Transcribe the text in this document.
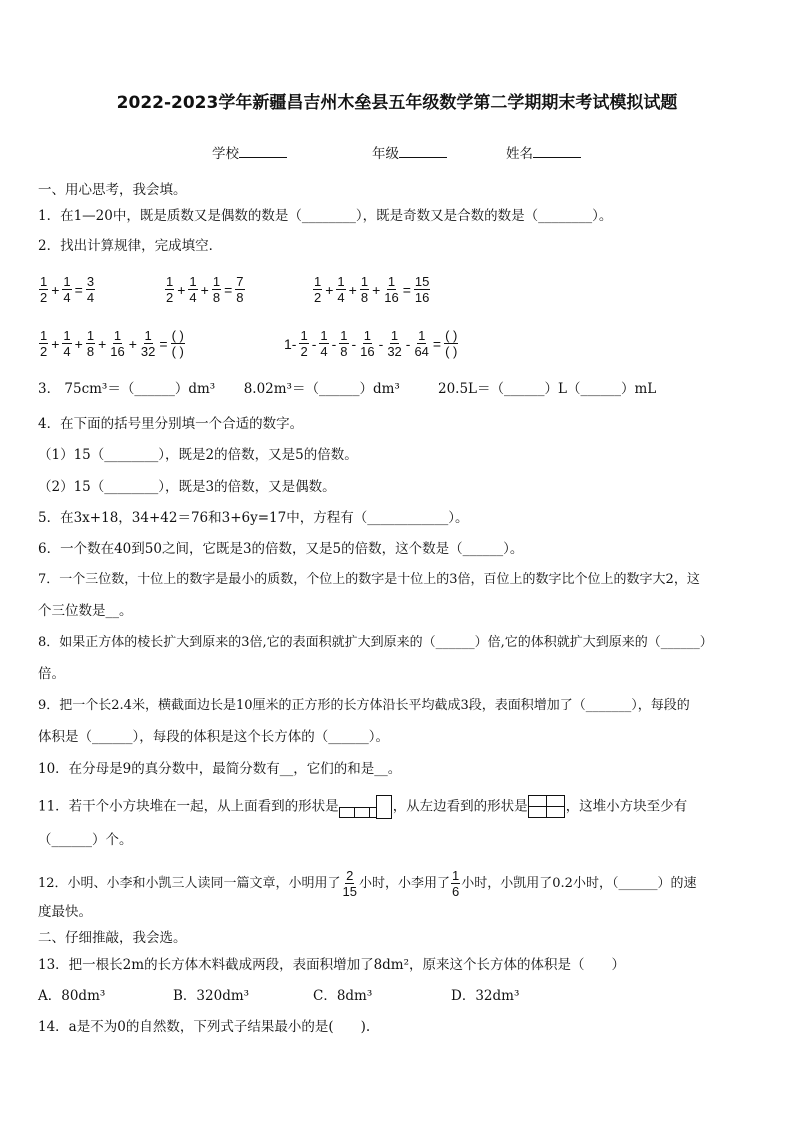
2022-2023学年新疆昌吉州木垒县五年级数学第二学期期末考试模拟试题
学校	年级	姓名
一、用心思考，我会填。
1．在1—20中，既是质数又是偶数的数是（________），既是奇数又是合数的数是（________）。
2．找出计算规律，完成填空．
$\frac{1}{2} + \frac{1}{4} = \frac{3}{4}$	$\frac{1}{2} + \frac{1}{4} + \frac{1}{8} = \frac{7}{8}$	$\frac{1}{2} + \frac{1}{4} + \frac{1}{8} + \frac{1}{16} = \frac{15}{16}$
$\frac{1}{2} + \frac{1}{4} + \frac{1}{8} + \frac{1}{16} + \frac{1}{32} = \frac{( )}{( )}$	$1- \frac{1}{2} - \frac{1}{4} - \frac{1}{8} - \frac{1}{16} - \frac{1}{32} - \frac{1}{64} = \frac{( )}{( )}$
3． 75cm³＝（______）dm³ 8.02m³＝（______）dm³	20.5L＝（______）L（______）mL
4．在下面的括号里分别填一个合适的数字。
（1）15（________），既是2的倍数，又是5的倍数。
（2）15（________），既是3的倍数，又是偶数。
5．在3x+18，34+42＝76和3+6y=17中，方程有（____________）。
6．一个数在40到50之间，它既是3的倍数，又是5的倍数，这个数是（______）。
7．一个三位数，十位上的数字是最小的质数，个位上的数字是十位上的3倍，百位上的数字比个位上的数字大2，这
个三位数是__。
8．如果正方体的棱长扩大到原来的3倍,它的表面积就扩大到原来的（______）倍,它的体积就扩大到原来的（______）
倍。
9．把一个长2.4米，横截面边长是10厘米的正方形的长方体沿长平均截成3段，表面积增加了（_______），每段的
体积是（______），每段的体积是这个长方体的（______）。
10．在分母是9的真分数中，最简分数有__，它们的和是__。
11．若干个小方块堆在一起，从上面看到的形状是	，从左边看到的形状是	，这堆小方块至少有
（______）个。
12．小明、小李和小凯三人读同一篇文章，小明用了 $\frac{2}{15}$ 小时，小李用了 $\frac{1}{6}$ 小时，小凯用了0.2小时，（______）的速
度最快。
二、仔细推敲，我会选。
13．把一根长2m的长方体木料截成两段，表面积增加了8dm²，原来这个长方体的体积是（　　）
A．80dm³	B．320dm³	C．8dm³	D．32dm³
14．a是不为0的自然数，下列式子结果最小的是(　　).
